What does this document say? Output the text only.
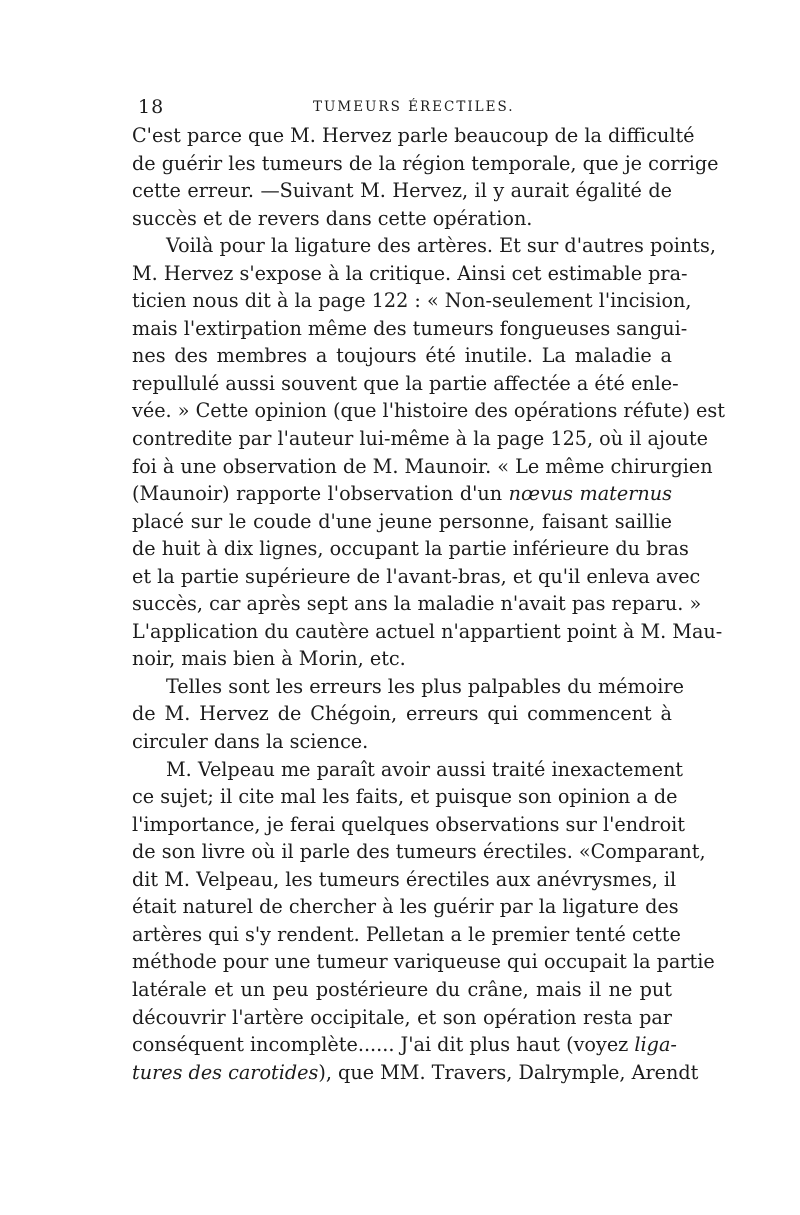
18	TUMEURS ÉRECTILES.
C'est parce que M. Hervez parle beaucoup de la difficulté
de guérir les tumeurs de la région temporale, que je corrige
cette erreur. —Suivant M. Hervez, il y aurait égalité de
succès et de revers dans cette opération.
Voilà pour la ligature des artères. Et sur d'autres points,
M. Hervez s'expose à la critique. Ainsi cet estimable pra-
ticien nous dit à la page 122 : « Non-seulement l'incision,
mais l'extirpation même des tumeurs fongueuses sangui-
nes des membres a toujours été inutile. La maladie a
repullulé aussi souvent que la partie affectée a été enle-
vée. » Cette opinion (que l'histoire des opérations réfute) est
contredite par l'auteur lui-même à la page 125, où il ajoute
foi à une observation de M. Maunoir. « Le même chirurgien
(Maunoir) rapporte l'observation d'un nœvus maternus
placé sur le coude d'une jeune personne, faisant saillie
de huit à dix lignes, occupant la partie inférieure du bras
et la partie supérieure de l'avant-bras, et qu'il enleva avec
succès, car après sept ans la maladie n'avait pas reparu. »
L'application du cautère actuel n'appartient point à M. Mau-
noir, mais bien à Morin, etc.
Telles sont les erreurs les plus palpables du mémoire
de M. Hervez de Chégoin, erreurs qui commencent à
circuler dans la science.
M. Velpeau me paraît avoir aussi traité inexactement
ce sujet; il cite mal les faits, et puisque son opinion a de
l'importance, je ferai quelques observations sur l'endroit
de son livre où il parle des tumeurs érectiles. «Comparant,
dit M. Velpeau, les tumeurs érectiles aux anévrysmes, il
était naturel de chercher à les guérir par la ligature des
artères qui s'y rendent. Pelletan a le premier tenté cette
méthode pour une tumeur variqueuse qui occupait la partie
latérale et un peu postérieure du crâne, mais il ne put
découvrir l'artère occipitale, et son opération resta par
conséquent incomplète...... J'ai dit plus haut (voyez liga-
tures des carotides), que MM. Travers, Dalrymple, Arendt
